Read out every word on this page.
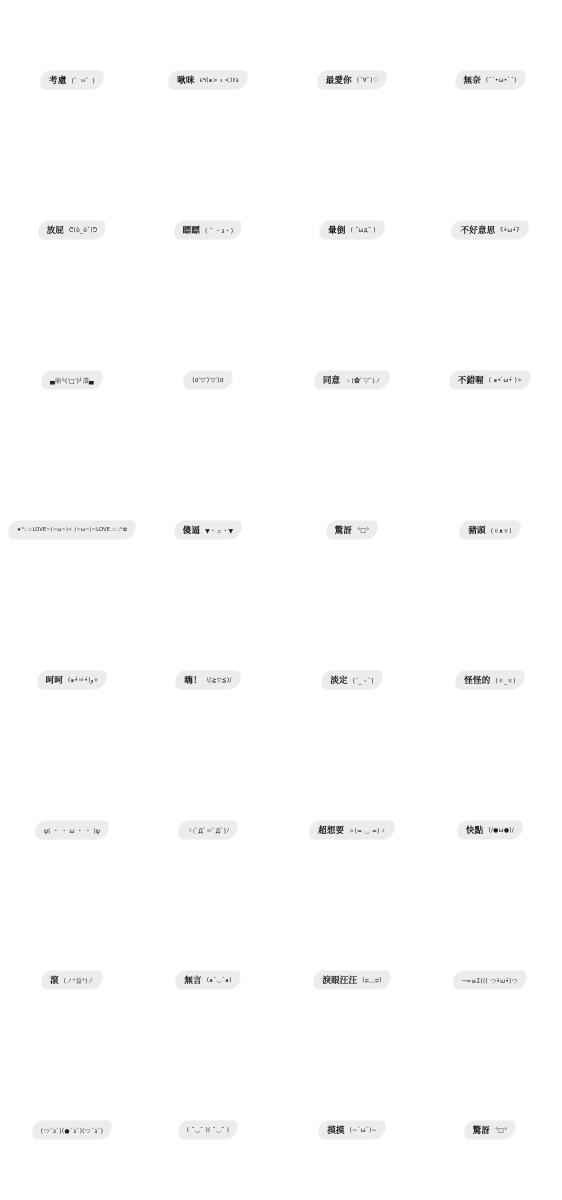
考慮 (゜ㅂ゜)	啾咪 ε٩(๑> ₃ <)۶з	最愛你 (´∀`)♡	無奈 (¯´•ω•`¯)
放屁 ᕦ(ò_óˇ)ᕤ	瞟瞟 ( ˘ ・з・)	暈倒 ( ˘ωд˘ )	不好意思 ʕ•̀ω•́ʔ
▄崩╰(‵□′)╯潰▄	(σ′▽‵)′▽‵)σ	同意 ヽ(✿ﾟ▽ﾟ)ノ	不錯喔 ( ๑• ̀ω•́ )✧
★°:.☆LOVE~(~ω~)✧ (~ω~)~LOVE.☆.:°✿	傻逼 ▼・ェ・▼	驚訝 °□°	豬頭 (ㆆᴥㆆ)
呵呵 (๑•̀ㅂ•́)و✧	嗨！ \(≧▽≦)/	淡定 (´_ゝ`)	怪怪的 (ㆆ_ㆆ)
ψ( ・ ・ ω ・ ・ )ψ	ヾ(ﾟДﾟ≡ﾟДﾟ)ﾉ	超想要 ✧(≖ ◡ ≖)ゞ	快點 (/●ω●)/
滾 (ノ°益°)ノ	無言 (๑¯◡¯๑)	淚眼汪汪 (ಥ﹏ಥ)	─=≡Σ((( つ•̀ω•́)つ
(つ´з`)(●´з`)(つ´з`)	( ˘◡˘ )( ˘◡˘ )	摸摸 (~´ω`)~	驚訝 °□°
